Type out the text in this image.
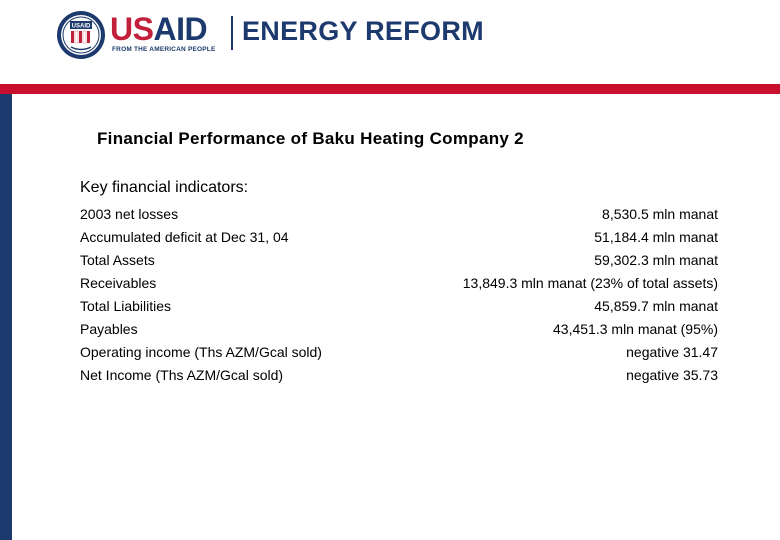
USAID USAID
FROM THE AMERICAN PEOPLE
ENERGY REFORM
Financial Performance of Baku Heating Company 2
Key financial indicators:
2003 net losses	8,530.5 mln manat
Accumulated deficit at Dec 31, 04	51,184.4 mln manat
Total Assets	59,302.3 mln manat
Receivables	13,849.3 mln manat (23% of total assets)
Total Liabilities	45,859.7 mln manat
Payables	43,451.3 mln manat (95%)
Operating income (Ths AZM/Gcal sold)	negative 31.47
Net Income (Ths AZM/Gcal sold)	negative 35.73
